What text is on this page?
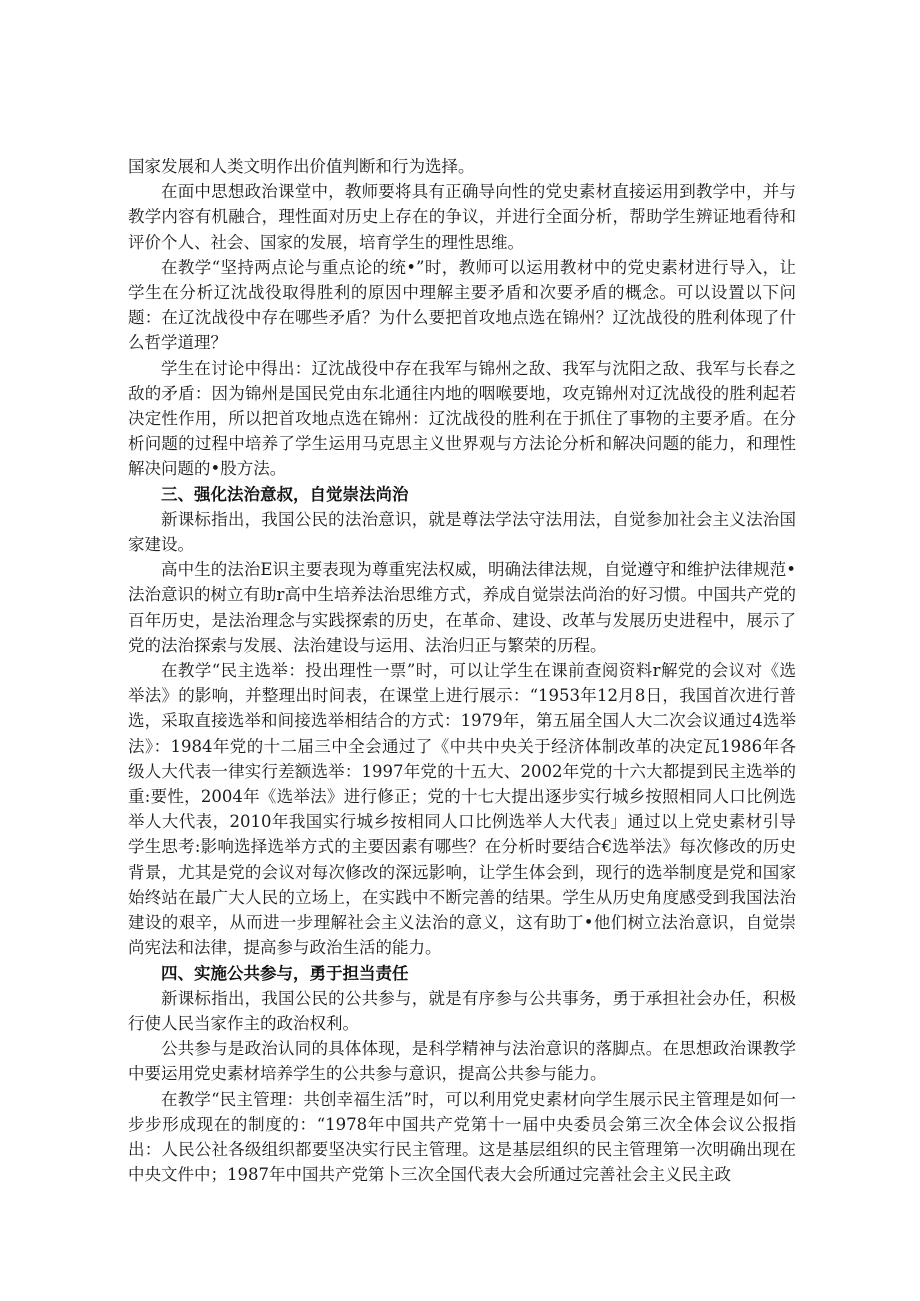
国家发展和人类文明作出价值判断和行为选择。

在面中思想政治课堂中，教师要将具有正确导向性的党史素材直接运用到教学中，并与教学内容有机融合，理性面对历史上存在的争议，并进行全面分析，帮助学生辨证地看待和评价个人、社会、国家的发展，培育学生的理性思维。

在教学“坚持两点论与重点论的统•”时，教师可以运用教材中的党史素材进行导入，让学生在分析辽沈战役取得胜利的原因中理解主要矛盾和次要矛盾的概念。可以设置以下问题：在辽沈战役中存在哪些矛盾？为什么要把首攻地点选在锦州？辽沈战役的胜利体现了什么哲学道理？

学生在讨论中得出：辽沈战役中存在我军与锦州之敌、我军与沈阳之敌、我军与长春之敌的矛盾：因为锦州是国民党由东北通往内地的咽喉要地，攻克锦州对辽沈战役的胜利起若决定性作用，所以把首攻地点选在锦州：辽沈战役的胜利在于抓住了事物的主要矛盾。在分析问题的过程中培养了学生运用马克思主义世界观与方法论分析和解决问题的能力，和理性解决问题的•股方法。

三、强化法治意叔，自觉崇法尚治

新课标指出，我国公民的法治意识，就是尊法学法守法用法，自觉参加社会主义法治国家建设。

高中生的法治E识主要表现为尊重宪法权威，明确法律法规，自觉遵守和维护法律规范•法治意识的树立有助r高中生培养法治思维方式，养成自觉崇法尚治的好习惯。中国共产党的百年历史，是法治理念与实践探索的历史，在革命、建设、改革与发展历史进程中，展示了党的法治探索与发展、法治建设与运用、法治归正与繁荣的历程。

在教学“民主选举：投出理性一票”时，可以让学生在课前查阅资料r解党的会议对《选举法》的影响，并整理出时间表，在课堂上进行展示：“1953年12月8日，我国首次进行普选，采取直接选举和间接选举相结合的方式：1979年，第五届全国人大二次会议通过4选举法》：1984年党的十二届三中全会通过了《中共中央关于经济体制改革的决定瓦1986年各级人大代表一律实行差额选举：1997年党的十五大、2002年党的十六大都提到民主选举的重:要性，2004年《选举法》进行修正；党的十七大提出逐步实行城乡按照相同人口比例选举人大代表，2010年我国实行城乡按相同人口比例选举人大代表」通过以上党史素材引导学生思考:影响选择选举方式的主要因素有哪些？在分析时要结合€选举法》每次修改的历史背景，尤其是党的会议对每次修改的深远影响，让学生体会到，现行的选举制度是党和国家始终站在最广大人民的立场上，在实践中不断完善的结果。学生从历史角度感受到我国法治建设的艰辛，从而进一步理解社会主义法治的意义，这有助丁•他们树立法治意识，自觉崇尚宪法和法律，提高参与政治生活的能力。

四、实施公共参与，勇于担当责任

新课标指出，我国公民的公共参与，就是有序参与公共事务，勇于承担社会办任，积极行使人民当家作主的政治权利。

公共参与是政治认同的具体体现，是科学精神与法治意识的落脚点。在思想政治课教学中要运用党史素材培养学生的公共参与意识，提高公共参与能力。

在教学“民主管理：共创幸福生活”时，可以利用党史素材向学生展示民主管理是如何一步步形成现在的制度的：“1978年中国共产党第十一届中央委员会第三次全体会议公报指出：人民公社各级组织都要坚决实行民主管理。这是基层组织的民主管理第一次明确出现在中央文件中；1987年中国共产党第卜三次全国代表大会所通过完善社会主义民主政
